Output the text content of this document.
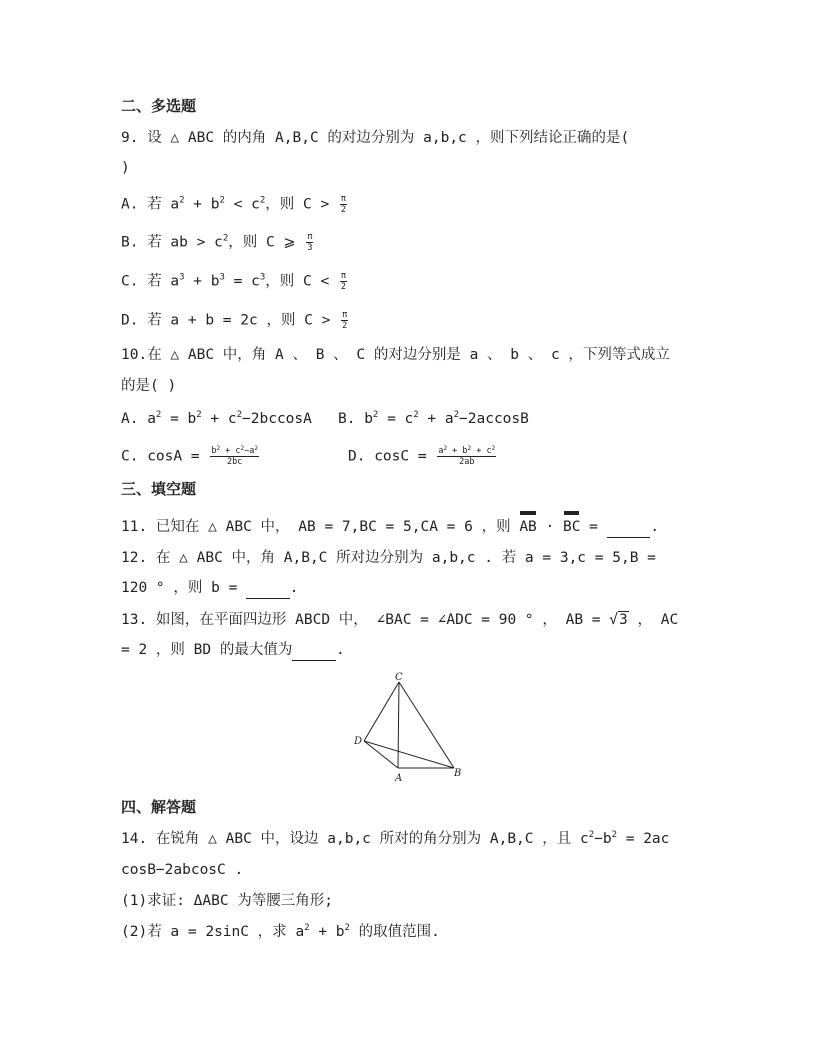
二、多选题
9. 设 △ ABC 的内角 A,B,C 的对边分别为 a,b,c ，则下列结论正确的是(
)
A. 若 $a^2 + b^2 < c^2$，则 $C > \frac{\pi}{2}$
B. 若 ab > $c^2$，则 C ⩾ $\frac{\pi}{3}$
C. 若 $a^3 + b^3 = c^3$，则 $C < \frac{\pi}{2}$
D. 若 a + b = 2c ，则 $C > \frac{\pi}{2}$
10.在 △ ABC 中，角 A 、 B 、 C 的对边分别是 a 、 b 、 c ，下列等式成立
的是( )
A. $a^2 = b^2 + c^2-2bccosA$ B. $b^2 = c^2 + a^2-2accosB$
C. $\cos A = \frac{b^2 + c^2-a^2}{2bc}$	D. $\cos C = \frac{a^2 + b^2 + c^2}{2ab}$
三、填空题
11. 已知在 △ ABC 中， AB = 7,BC = 5,CA = 6 ，则 AB · BC =	.
12. 在 △ ABC 中，角 A,B,C 所对边分别为 a,b,c . 若 a = 3,c = 5,B =
120 ° ，则 b =	.
13. 如图，在平面四边形 ABCD 中， ∠BAC = ∠ADC = 90 ° ， AB = √3 ， AC
= 2 ，则 BD 的最大值为	.
C
D
A	B
四、解答题
14. 在锐角 △ ABC 中，设边 a,b,c 所对的角分别为 A,B,C ，且 $c^2-b^2 = 2ac$
cosB−2abcosC .
(1)求证: ΔABC 为等腰三角形;
(2)若 a = 2sinC ，求 $a^2 + b^2$ 的取值范围.
